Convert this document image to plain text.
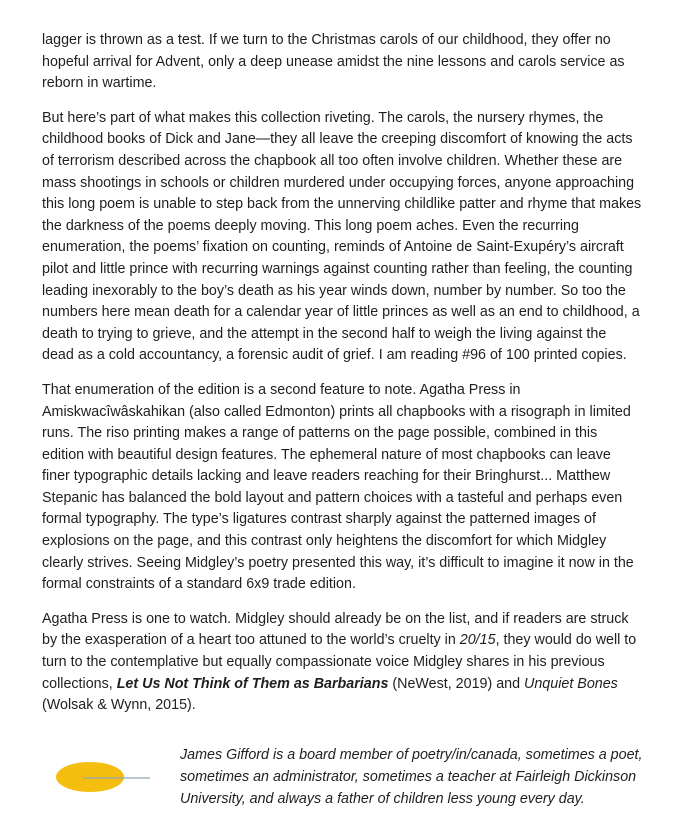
lagger is thrown as a test. If we turn to the Christmas carols of our childhood, they offer no hopeful arrival for Advent, only a deep unease amidst the nine lessons and carols service as reborn in wartime.

But here’s part of what makes this collection riveting. The carols, the nursery rhymes, the childhood books of Dick and Jane—they all leave the creeping discomfort of knowing the acts of terrorism described across the chapbook all too often involve children. Whether these are mass shootings in schools or children murdered under occupying forces, anyone approaching this long poem is unable to step back from the unnerving childlike patter and rhyme that makes the darkness of the poems deeply moving. This long poem aches. Even the recurring enumeration, the poems’ fixation on counting, reminds of Antoine de Saint-Exupéry’s aircraft pilot and little prince with recurring warnings against counting rather than feeling, the counting leading inexorably to the boy’s death as his year winds down, number by number. So too the numbers here mean death for a calendar year of little princes as well as an end to childhood, a death to trying to grieve, and the attempt in the second half to weigh the living against the dead as a cold accountancy, a forensic audit of grief. I am reading #96 of 100 printed copies.

That enumeration of the edition is a second feature to note. Agatha Press in Amiskwacîwâskahikan (also called Edmonton) prints all chapbooks with a risograph in limited runs. The riso printing makes a range of patterns on the page possible, combined in this edition with beautiful design features. The ephemeral nature of most chapbooks can leave finer typographic details lacking and leave readers reaching for their Bringhurst... Matthew Stepanic has balanced the bold layout and pattern choices with a tasteful and perhaps even formal typography. The type’s ligatures contrast sharply against the patterned images of explosions on the page, and this contrast only heightens the discomfort for which Midgley clearly strives. Seeing Midgley’s poetry presented this way, it’s difficult to imagine it now in the formal constraints of a standard 6x9 trade edition.

Agatha Press is one to watch. Midgley should already be on the list, and if readers are struck by the exasperation of a heart too attuned to the world’s cruelty in 20/15, they would do well to turn to the contemplative but equally compassionate voice Midgley shares in his previous collections, Let Us Not Think of Them as Barbarians (NeWest, 2019) and Unquiet Bones (Wolsak & Wynn, 2015).

James Gifford is a board member of poetry/in/canada, sometimes a poet, sometimes an administrator, sometimes a teacher at Fairleigh Dickinson University, and always a father of children less young every day.
